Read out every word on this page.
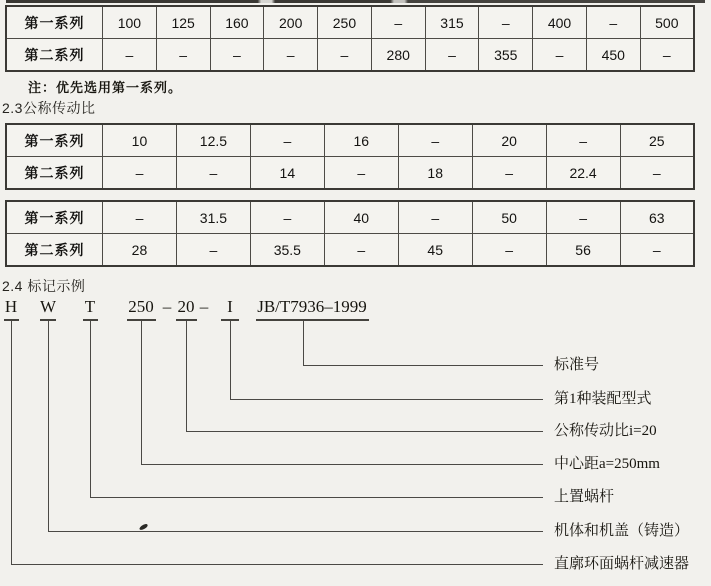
第一系列	100	125	160	200	250	–	315	–	400	–	500
第二系列	–	–	–	–	–	280	–	355	–	450	–
注：优先选用第一系列。
2.3公称传动比
第一系列	10	12.5	–	16	–	20	–	25
第二系列	–	–	14	–	18	–	22.4	–
第一系列	–	31.5	–	40	–	50	–	63
第二系列	28	–	35.5	–	45	–	56	–
2.4 标记示例
H W T 250 – 20 – I JB/T7936–1999
标准号
第1种装配型式
公称传动比i=20
中心距a=250mm
上置蜗杆
机体和机盖（铸造）
直廓环面蜗杆减速器
